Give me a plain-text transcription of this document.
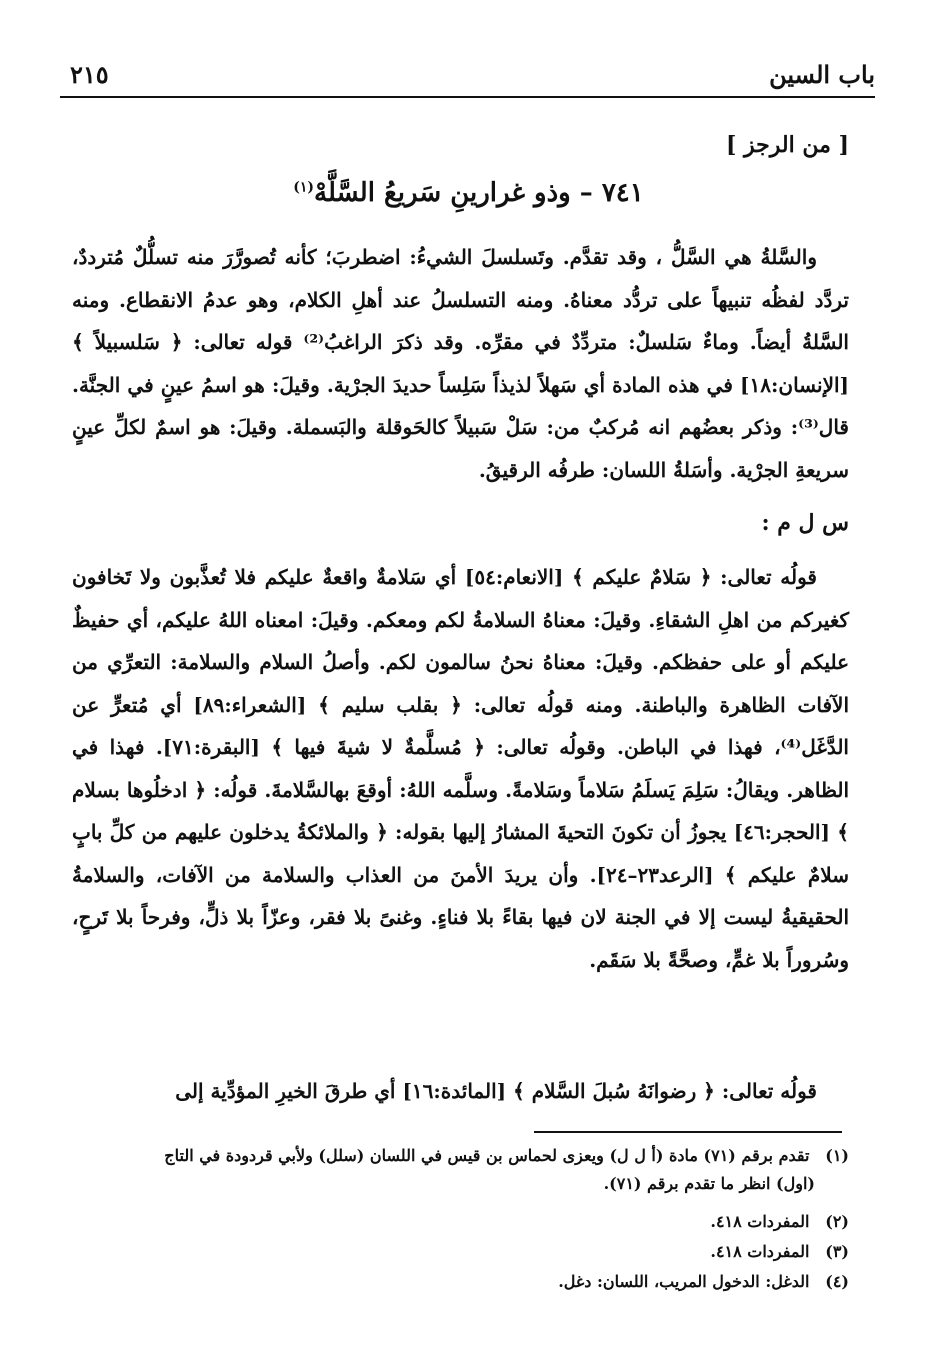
باب السين
٢١٥
[ من الرجز ]
٧٤١ – وذو غرارينِ سَريعُ السَّلَّهْ$^{(١)}$
والسَّلةُ هي السَّلُّ ، وقد تقدَّم. وتَسلسلَ الشيءُ: اضطربَ؛ كأنه تُصورَّرَ منه تسلُّلٌ مُترددٌ، تردَّد لفظُه تنبيهاً على تردُّد معناهُ. ومنه التسلسلُ عند أهلِ الكلام، وهو عدمُ الانقطاع. ومنه السَّلةُ أيضاً. وماءٌ سَلسلٌ: متردِّدٌ في مقرِّه. وقد ذكرَ الراغبُ⁽²⁾ قوله تعالى: ﴿ سَلسبيلاً ﴾ [الإنسان:١٨] في هذه المادة أي سَهلاً لذيذاً سَلِساً حديدَ الجرْية. وقيلَ: هو اسمُ عينٍ في الجنَّة. قال⁽³⁾: وذكر بعضُهم انه مُركبٌ من: سَلْ سَبيلاً كالحَوقلة والبَسملة. وقيلَ: هو اسمٌ لكلِّ عينٍ سريعةِ الجرْية. وأسَلةُ اللسان: طرفُه الرقيقُ.
س ل م :
قولُه تعالى: ﴿ سَلامٌ عليكم ﴾ [الانعام:٥٤] أي سَلامةٌ واقعةٌ عليكم فلا تُعذَّبون ولا تَخافون كغيركم من اهلِ الشقاءِ. وقيلَ: معناهُ السلامةُ لكم ومعكم. وقيلَ: امعناه اللهُ عليكم، أي حفيظٌ عليكم أو على حفظكم. وقيلَ: معناهُ نحنُ سالمون لكم. وأصلُ السلام والسلامة: التعرِّي من الآفات الظاهرة والباطنة. ومنه قولُه تعالى: ﴿ بقلب سليم ﴾ [الشعراء:٨٩] أي مُتعرٍّ عن الدَّغَل⁽⁴⁾، فهذا في الباطن. وقولُه تعالى: ﴿ مُسلَّمةٌ لا شيةَ فيها ﴾ [البقرة:٧١]. فهذا في الظاهر. ويقالُ: سَلِمَ يَسلَمُ سَلاماً وسَلامةً. وسلَّمه اللهُ: أوقعَ بهالسَّلامةَ. قولُه: ﴿ ادخلُوها بسلام ﴾ [الحجر:٤٦] يجوزُ أن تكونَ التحيةَ المشارُ إليها بقوله: ﴿ والملائكةُ يدخلون عليهم من كلِّ بابٍ سلامٌ عليكم ﴾ [الرعد٢٣–٢٤]. وأن يريدَ الأمنَ من العذاب والسلامة من الآفات، والسلامةُ الحقيقيةُ ليست إلا في الجنة لان فيها بقاءً بلا فناءٍ. وغنىً بلا فقر، وعزّاً بلا ذلٍّ، وفرحاً بلا تَرحٍ، وسُروراً بلا غمٍّ، وصحَّةً بلا سَقَم.
قولُه تعالى: ﴿ رضوانَهُ سُبلَ السَّلام ﴾ [المائدة:١٦] أي طرقَ الخيرِ المؤدِّية إلى
(١) تقدم برقم (٧١) مادة (أ ل ل) ويعزى لحماس بن قيس في اللسان (سلل) ولأبي قردودة في التاج
(اول) انظر ما تقدم برقم (٧١).
(٢) المفردات ٤١٨.
(٣) المفردات ٤١٨.
(٤) الدغل: الدخول المريب، اللسان: دغل.
